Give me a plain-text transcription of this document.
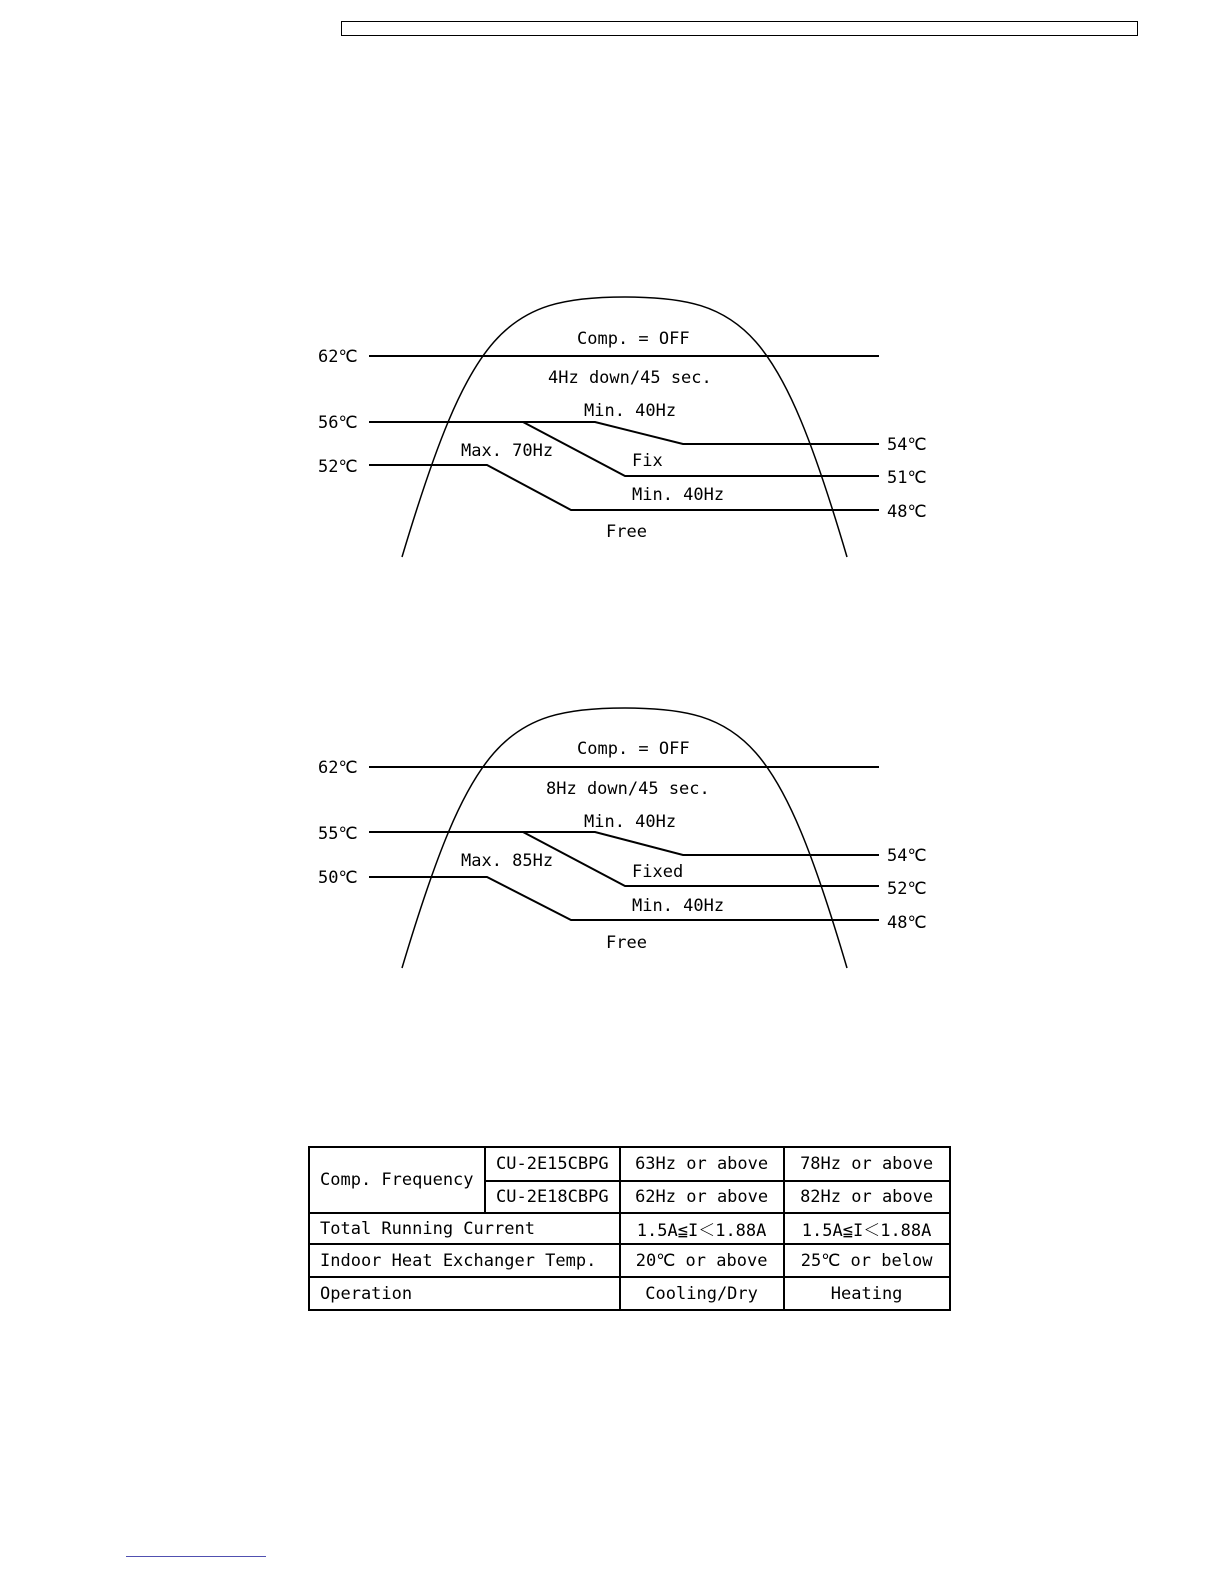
62℃
56℃
52℃
54℃
51℃
48℃
Comp. = OFF
4Hz down/45 sec.
Min. 40Hz
Max. 70Hz	Fix
Min. 40Hz
Free
62℃
55℃
50℃
54℃
52℃
48℃
Comp. = OFF
8Hz down/45 sec.
Min. 40Hz
Max. 85Hz
Fixed
Min. 40Hz
Free
Comp. Frequency	CU-2E15CBPG	63Hz or above	78Hz or above
	CU-2E18CBPG	62Hz or above	82Hz or above
Total Running Current		1.5A≦I＜1.88A	1.5A≦I＜1.88A
Indoor Heat Exchanger Temp.		20℃ or above	25℃ or below
Operation		Cooling/Dry	Heating
